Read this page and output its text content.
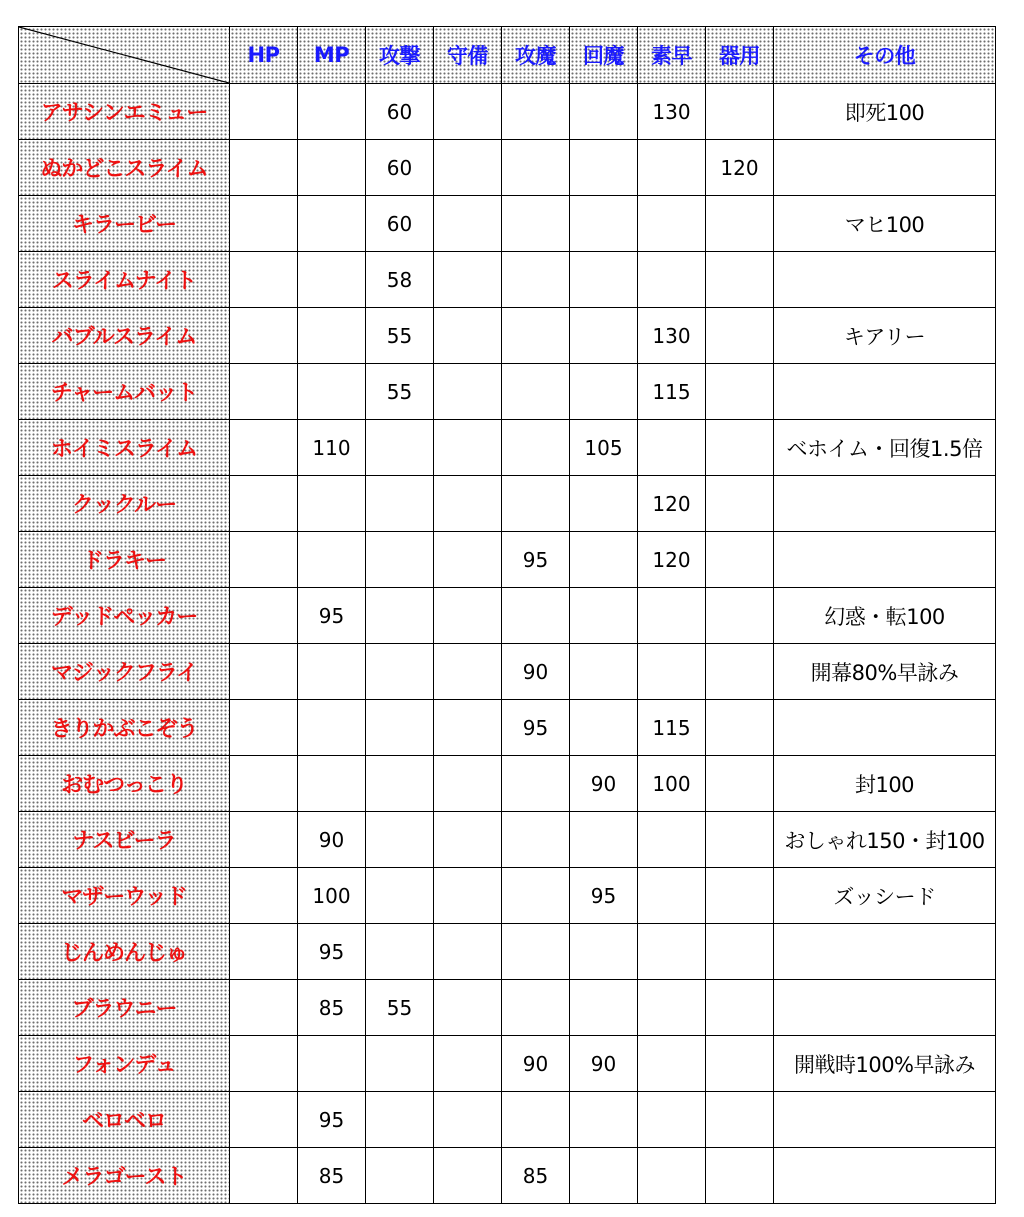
	HP	MP	攻撃	守備	攻魔	回魔	素早	器用	その他
アサシンエミュー			60				130		即死100
ぬかどこスライム			60					120	
キラービー			60						マヒ100
スライムナイト			58						
バブルスライム			55				130		キアリー
チャームバット			55				115		
ホイミスライム		110				105			ベホイム・回復1.5倍
クックルー							120		
ドラキー					95		120		
デッドペッカー		95							幻惑・転100
マジックフライ					90				開幕80%早詠み
きりかぶこぞう					95		115		
おむつっこり						90	100		封100
ナスビーラ		90							おしゃれ150・封100
マザーウッド		100				95			ズッシード
じんめんじゅ		95							
ブラウニー		85	55						
フォンデュ					90	90			開戦時100%早詠み
ベロベロ		95							
メラゴースト		85			85				
